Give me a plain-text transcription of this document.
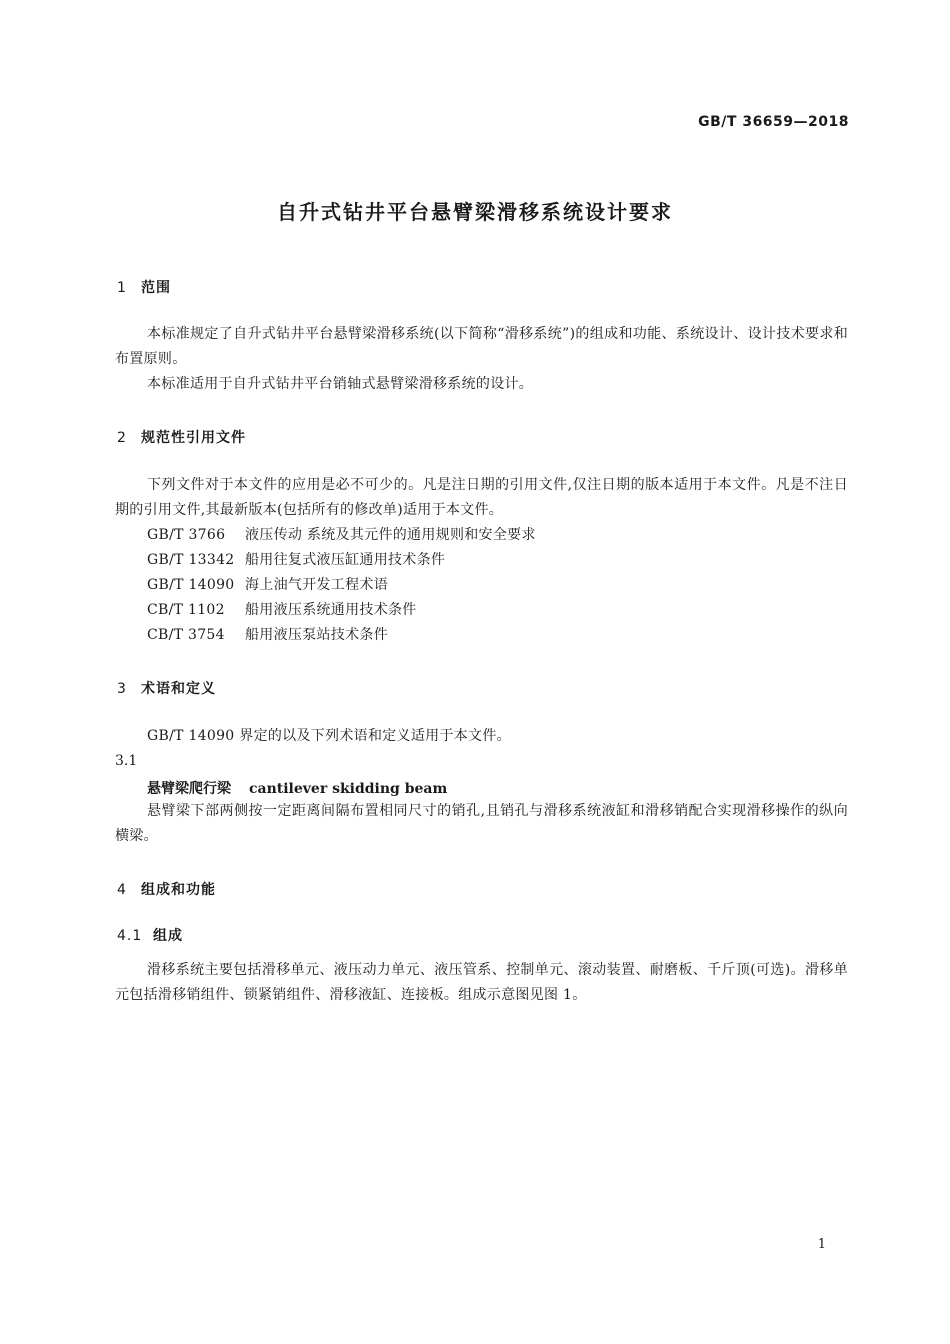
GB/T 36659—2018
自升式钻井平台悬臂梁滑移系统设计要求
1 范围

本标准规定了自升式钻井平台悬臂梁滑移系统(以下简称“滑移系统”)的组成和功能、系统设计、设计技术要求和布置原则。

本标准适用于自升式钻井平台销轴式悬臂梁滑移系统的设计。

2 规范性引用文件

下列文件对于本文件的应用是必不可少的。凡是注日期的引用文件,仅注日期的版本适用于本文件。凡是不注日期的引用文件,其最新版本(包括所有的修改单)适用于本文件。

GB/T 3766 液压传动 系统及其元件的通用规则和安全要求
GB/T 13342 船用往复式液压缸通用技术条件
GB/T 14090 海上油气开发工程术语
CB/T 1102 船用液压系统通用技术条件
CB/T 3754 船用液压泵站技术条件
3 术语和定义

GB/T 14090 界定的以及下列术语和定义适用于本文件。

3.1
悬臂梁爬行梁 cantilever skidding beam

悬臂梁下部两侧按一定距离间隔布置相同尺寸的销孔,且销孔与滑移系统液缸和滑移销配合实现滑移操作的纵向横梁。

4 组成和功能
4.1 组成

滑移系统主要包括滑移单元、液压动力单元、液压管系、控制单元、滚动装置、耐磨板、千斤顶(可选)。滑移单元包括滑移销组件、锁紧销组件、滑移液缸、连接板。组成示意图见图 1。

1
